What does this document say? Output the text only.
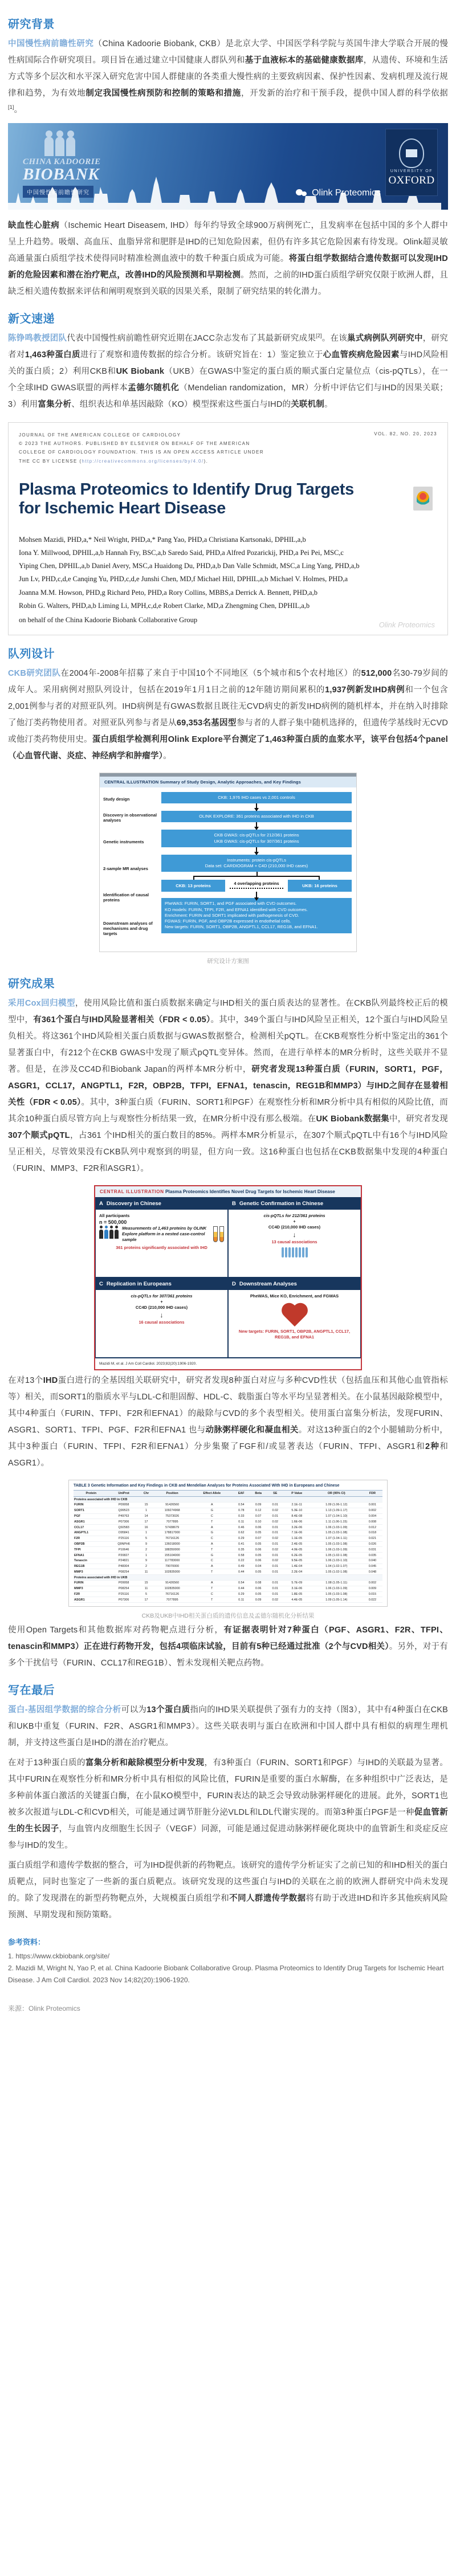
研究背景

中国慢性病前瞻性研究（China Kadoorie Biobank, CKB）是北京大学、中国医学科学院与英国牛津大学联合开展的慢性病国际合作研究项目。项目旨在通过建立中国健康人群队列和基于血液标本的基础健康数据库，从遗传、环境和生活方式等多个层次和水平深入研究危害中国人群健康的各类重大慢性病的主要致病因素、保护性因素、发病机理及流行规律和趋势，为有效地制定我国慢性病预防和控制的策略和措施，开发新的治疗和干预手段，提供中国人群的科学依据[1]。

CHINA KADOORIE
BIOBANK
中国慢性病前瞻性研究	Olink Proteomics
UNIVERSITY OF
OXFORD

缺血性心脏病（Ischemic Heart Diseasem, IHD）每年约导致全球900万病例死亡，且发病率在包括中国的多个人群中呈上升趋势。吸烟、高血压、血脂异常和肥胖是IHD的已知危险因素，但仍有许多其它危险因素有待发现。Olink超灵敏高通量蛋白质组学技术使得同时精准检测血液中的数千种蛋白质成为可能。将蛋白组学数据结合遗传数据可以发现IHD新的危险因素和潜在治疗靶点，改善IHD的风险预测和早期检测。然而，之前的IHD蛋白质组学研究仅限于欧洲人群，且缺乏相关遗传数据来评估和阐明观察到关联的因果关系，限制了研究结果的转化潜力。

新文速递

陈铮鸣教授团队代表中国慢性病前瞻性研究近期在JACC杂志发布了其最新研究成果[2]。在该巢式病例队列研究中，研究者对1,463种蛋白质进行了观察和遗传数据的综合分析。该研究旨在：1）鉴定独立于心血管疾病危险因素与IHD风险相关的蛋白质；2）利用CKB和UK Biobank（UKB）在GWAS中鉴定的蛋白质的顺式蛋白定量位点（cis-pQTLs），在一个全球IHD GWAS联盟的两样本孟德尔随机化（Mendelian randomization，MR）分析中评估它们与IHD的因果关联；3）利用富集分析、组织表达和单基因敲除（KO）模型探索这些蛋白与IHD的关联机制。

JOURNAL OF THE AMERICAN COLLEGE OF CARDIOLOGY
© 2023 THE AUTHORS. PUBLISHED BY ELSEVIER ON BEHALF OF THE AMERICAN
COLLEGE OF CARDIOLOGY FOUNDATION. THIS IS AN OPEN ACCESS ARTICLE UNDER
THE CC BY LICENSE (http://creativecommons.org/licenses/by/4.0/).
VOL. 82, NO. 20, 2023
Plasma Proteomics to Identify Drug Targets for Ischemic Heart Disease
Mohsen Mazidi, PHD,a,* Neil Wright, PHD,a,* Pang Yao, PHD,a Christiana Kartsonaki, DPHIL,a,b
Iona Y. Millwood, DPHIL,a,b Hannah Fry, BSC,a,b Saredo Said, PHD,a Alfred Pozarickij, PHD,a Pei Pei, MSC,c
Yiping Chen, DPHIL,a,b Daniel Avery, MSC,a Huaidong Du, PHD,a,b Dan Valle Schmidt, MSC,a Ling Yang, PHD,a,b
Jun Lv, PHD,c,d,e Canqing Yu, PHD,c,d,e Junshi Chen, MD,f Michael Hill, DPHIL,a,b Michael V. Holmes, PHD,a
Joanna M.M. Howson, PHD,g Richard Peto, PHD,a Rory Collins, MBBS,a Derrick A. Bennett, PHD,a,b
Robin G. Walters, PHD,a,b Liming Li, MPH,c,d,e Robert Clarke, MD,a Zhengming Chen, DPHIL,a,b
on behalf of the China Kadoorie Biobank Collaborative Group
Olink Proteomics
队列设计

CKB研究团队在2004年-2008年招募了来自于中国10个不同地区（5个城市和5个农村地区）的512,000名30-79岁间的成年人。采用病例对照队列设计，包括在2019年1月1日之前的12年随访期间累积的1,937例新发IHD病例和一个包含2,001例参与者的对照亚队列。IHD病例是有GWAS数据且既往无CVD病史的新发IHD病例的随机样本，并在纳入时排除了他汀类药物使用者。对照亚队列参与者是从69,353名基因型参与者的人群子集中随机选择的，但遗传学基线时无CVD或他汀类药物使用史。蛋白质组学检测利用Olink Explore平台测定了1,463种蛋白质的血浆水平，该平台包括4个panel（心血管代谢、炎症、神经病学和肿瘤学）。

CENTRAL ILLUSTRATION Summary of Study Design, Analytic Approaches, and Key Findings
Study design
Discovery in observational analyses
Genetic instruments
2-sample MR analyses
Identification of causal proteins
Downstream analyses of mechanisms and drug targets
CKB: 1,976 IHD cases vs 2,001 controls
OLINK EXPLORE: 361 proteins associated with IHD in CKB
CKB GWAS: cis-pQTLs for 212/361 proteins
UKB GWAS: cis-pQTLs for 307/361 proteins
Instruments: protein cis-pQTLs
Data set: CARDIOGRAM + C4D (210,000 IHD cases)
CKB: 13 proteins	4 overlapping proteins	UKB: 16 proteins
PheWAS: FURIN, SORT1, and PGF associated with CVD outcomes.
KO models: FURIN, TFPI, F2R, and EFNA1 identified with CVD outcomes.
Enrichment: FURIN and SORT1 implicated with pathogenesis of CVD.
FGWAS: FURIN, PGF, and OBP2B expressed in endothelial cells.
New targets: FURIN, SORT1, OBP2B, ANGPTL1, CCL17, REG1B, and EFNA1.
研究设计方案图
研究成果

采用Cox回归模型，使用风险比值和蛋白质数据来确定与IHD相关的蛋白质表达的显著性。在CKB队列最终校正后的模型中，有361个蛋白与IHD风险显著相关（FDR < 0.05）。其中，349个蛋白与IHD风险呈正相关，12个蛋白与IHD风险呈负相关。将这361个IHD风险相关蛋白质数据与GWAS数据整合，检测相关pQTL。在CKB观察性分析中鉴定出的361个显著蛋白中，有212个在CKB GWAS中发现了顺式pQTL变异体。然而，在进行单样本的MR分析时，这些关联并不显著。但是，在涉及CC4D和Biobank Japan的两样本MR分析中，研究者发现13种蛋白质（FURIN，SORT1，PGF，ASGR1，CCL17，ANGPTL1，F2R，OBP2B，TFPI，EFNA1，tenascin，REG1B和MMP3）与IHD之间存在显着相关性（FDR < 0.05）。其中，3种蛋白质（FURIN、SORT1和PGF）在观察性分析和MR分析中具有相似的风险比值，而其余10种蛋白质尽管方向上与观察性分析结果一致，在MR分析中没有那么极端。在UK Biobank数据集中，研究者发现307个顺式pQTL，占361 个IHD相关的蛋白数目的85%。两样本MR分析显示，在307个顺式pQTL中有16个与IHD风险呈正相关，尽管效果没有CKB队列中观察到的明显，但方向一致。这16种蛋白也包括在CKB数据集中发现的4种蛋白（FURIN、MMP3、F2R和ASGR1）。

CENTRAL ILLUSTRATION Plasma Proteomics Identifies Novel Drug Targets for Ischemic Heart Disease
A Discovery in Chinese
All participants
n = 500,000
Measurements of 1,463 proteins by OLINK Explore platform in a nested case-control sample
361 proteins significantly associated with IHD
B Genetic Confirmation in Chinese
cis-pQTLs for 212/361 proteins
+
CC4D (210,000 IHD cases)
↓
13 causal associations
C Replication in Europeans
cis-pQTLs for 307/361 proteins
+
CC4D (210,000 IHD cases)
↓
16 causal associations
D Downstream Analyses
PheWAS, Mice KO, Enrichment, and FGWAS
New targets: FURIN, SORT1, OBP2B, ANGPTL1, CCL17, REG1B, and EFNA1
Mazidi M, et al. J Am Coll Cardiol. 2023;82(20):1906-1920.

在对13个IHD蛋白进行的全基因组关联研究中，研究者发现8种蛋白对应与多种CVD性状（包括血压和其他心血管指标等）相关，而SORT1的脂质水平与LDL-C和胆固醇、HDL-C、载脂蛋白等水平均呈显著相关。在小鼠基因敲除模型中，其中4种蛋白（FURIN、TFPI、F2R和EFNA1）的敲除与CVD的多个表型相关。使用蛋白富集分析法，发现FURIN、ASGR1、SORT1、TFPI、PGF、F2R和EFNA1 也与动脉粥样硬化和凝血相关。对这13种蛋白的2个小腿辅助分析中，其中3种蛋白（FURIN、TFPI、F2R和EFNA1）分步集聚了FGF和/或显著表达（FURIN、TFPI、ASGR1和2种和ASGR1）。

TABLE 3 Genetic Information and Key Findings in CKB and Mendelian Analyses for Proteins Associated With IHD in Europeans and Chinese
Protein	UniProt	Chr	Position	Effect Allele	EAF	Beta	SE	P Value	OR (95% CI)	FDR
Proteins associated with IHD in CKB										
FURIN	P09958	15	91426560	A	0.54	0.09	0.01	2.1E-11	1.09 (1.06-1.12)	0.001
SORT1	Q99523	1	109274968	G	0.78	0.12	0.02	5.3E-10	1.13 (1.09-1.17)	0.002
PGF	P49763	14	75373026	C	0.33	0.07	0.01	8.4E-08	1.07 (1.04-1.10)	0.004
ASGR1	P07306	17	7077895	T	0.11	0.10	0.02	1.6E-06	1.11 (1.06-1.15)	0.008
CCL17	Q92583	16	57438679	A	0.46	0.06	0.01	3.2E-06	1.06 (1.03-1.09)	0.012
ANGPTL1	O95841	1	178817000	G	0.62	0.05	0.01	7.1E-06	1.05 (1.03-1.08)	0.018
F2R	P25116	5	76716126	C	0.29	0.07	0.02	1.1E-05	1.07 (1.04-1.11)	0.021
OBP2B	Q9NPH6	9	136018000	A	0.41	0.05	0.01	2.4E-05	1.05 (1.03-1.08)	0.026
TFPI	P10646	2	188350000	T	0.35	0.06	0.02	4.0E-05	1.06 (1.03-1.09)	0.031
EFNA1	P20827	1	155104000	G	0.58	0.05	0.01	6.2E-05	1.05 (1.02-1.08)	0.035
Tenascin	P24821	9	117783000	C	0.22	0.06	0.02	9.5E-05	1.06 (1.03-1.10)	0.040
REG1B	P48304	2	79070000	A	0.49	0.04	0.01	1.4E-04	1.04 (1.02-1.07)	0.045
MMP3	P08254	11	102835000	T	0.44	0.05	0.01	2.2E-04	1.05 (1.02-1.08)	0.048
Proteins associated with IHD in UKB										
FURIN	P09958	15	91426560	A	0.54	0.08	0.01	5.7E-09	1.08 (1.05-1.11)	0.002
MMP3	P08254	11	102835000	T	0.44	0.06	0.01	3.1E-06	1.06 (1.03-1.09)	0.009
F2R	P25116	5	76716126	C	0.29	0.05	0.01	1.8E-05	1.05 (1.03-1.08)	0.015
ASGR1	P07306	17	7077895	T	0.11	0.09	0.02	4.4E-05	1.09 (1.05-1.14)	0.022
CKB及UKB中IHD相关蛋白质的遗传信息及孟德尔随机化分析结果

使用Open Targets和其他数据库对药物靶点进行分析，有证据表明针对7种蛋白（PGF、ASGR1、F2R、TFPI、tenascin和MMP3）正在进行药物开发，包括4项临床试验，目前有5种已经通过批准（2个与CVD相关）。另外，对于有多个干扰信号（FURIN、CCL17和REG1B）、暂未发现相关靶点药物。

写在最后

蛋白-基因组学数据的综合分析可以为13个蛋白质指向的IHD果关联提供了强有力的支持（图3），其中有4种蛋白在CKB和UKB中重复（FURIN、F2R、ASGR1和MMP3）。这些关联表明与蛋白在欧洲和中国人群中具有相似的病理生理机制，并支持这些蛋白是IHD的潜在治疗靶点。

在对于13种蛋白质的富集分析和敲除模型分析中发现，有3种蛋白（FURIN、SORT1和PGF）与IHD的关联最为显著。其中FURIN在观察性分析和MR分析中具有相似的风险比值，FURIN是重要的蛋白水解酶，在多种组织中广泛表达，是多种前体蛋白激活的关键蛋白酶，在小鼠KO模型中，FURIN表达的缺乏会导致动脉粥样硬化的进展。此外，SORT1也被多次报道与LDL-C和CVD相关，可能是通过调节肝脏分泌VLDL和LDL代谢实现的。而第3种蛋白PGF是一种促血管新生的生长因子，与血管内皮细胞生长因子（VEGF）同源，可能是通过促进动脉粥样硬化斑块中的血管新生和炎症反应参与IHD的发生。

蛋白质组学和遗传学数据的整合，可为IHD提供新的药物靶点。该研究的遗传学分析证实了之前已知的和IHD相关的蛋白质靶点，同时也鉴定了一些新的蛋白质靶点。该研究发现的这些蛋白与IHD的关联在之前的欧洲人群研究中尚未发现的。除了发现潜在的新型药物靶点外，大规模蛋白质组学和不同人群遗传学数据将有助于改进IHD和许多其他疾病风险预测、早期发现和预防策略。

参考资料：
1. https://www.ckbiobank.org/site/
2. Mazidi M, Wright N, Yao P, et al. China Kadoorie Biobank Collaborative Group. Plasma Proteomics to Identify Drug Targets for Ischemic Heart Disease. J Am Coll Cardiol. 2023 Nov 14;82(20):1906-1920.
来源：Olink Proteomics
